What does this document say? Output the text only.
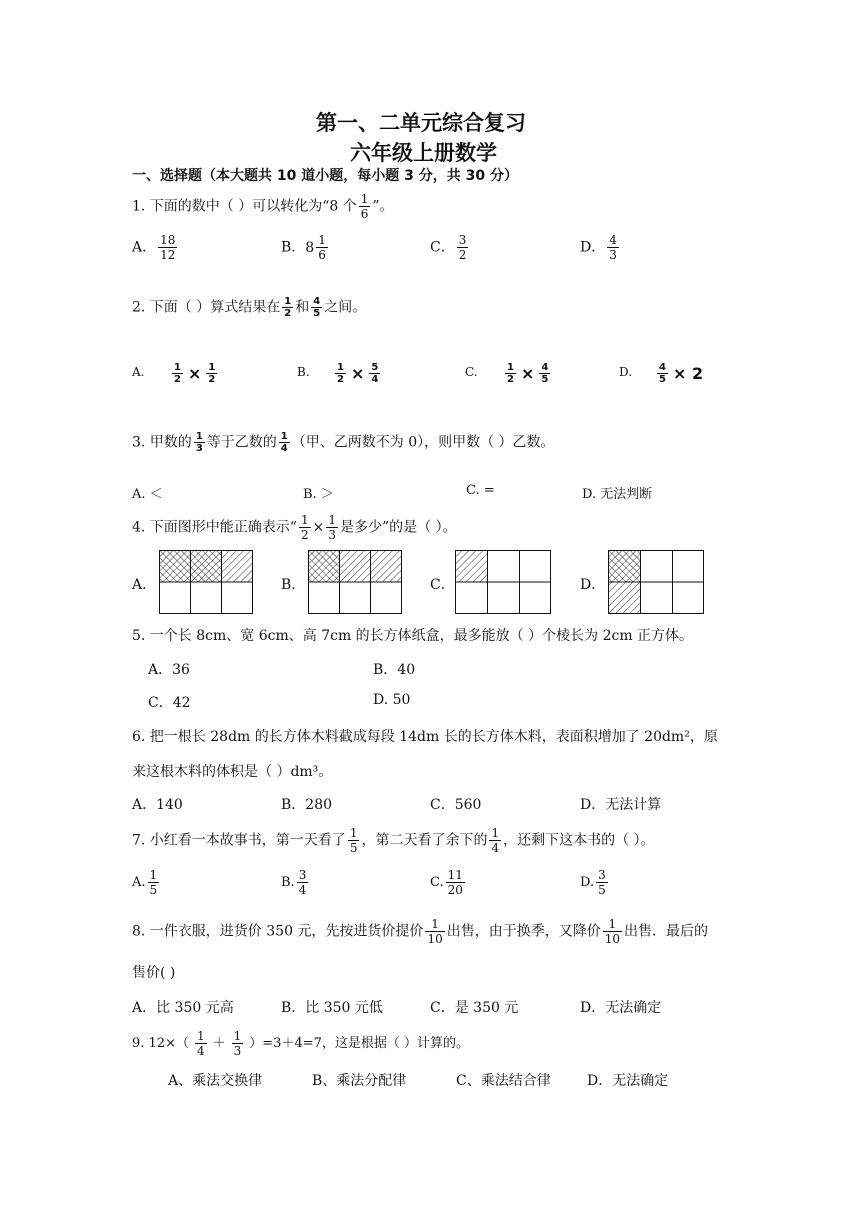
第一、二单元综合复习
六年级上册数学
一、选择题（本大题共 10 道小题，每小题 3 分，共 30 分）
1. 下面的数中（ ）可以转化为“8 个 $\frac{1}{6}$ ”。
A． $\frac{18}{12}$	B． $8 \frac{1}{6}$	C． $\frac{3}{2}$	D． $\frac{4}{3}$
2. 下面（ ）算式结果在 $\frac{1}{2}$ 和 $\frac{4}{5}$ 之间。
A.	$\frac{1}{2} \times \frac{1}{2}$	B.	$\frac{1}{2} \times \frac{5}{4}$	C.	$\frac{1}{2} \times \frac{4}{5}$	D. $\frac{4}{5} \times 2$
3. 甲数的 $\frac{1}{3}$ 等于乙数的 $\frac{1}{4}$ （甲、乙两数不为 0），则甲数（ ）乙数。
A. ＜	B. ＞	C. =	D. 无法判断
4. 下面图形中能正确表示“ $\frac{1}{2} \times \frac{1}{3}$ 是多少”的是（ ）。
A．	B．	C．	D．
5. 一个长 8cm、宽 6cm、高 7cm 的长方体纸盒，最多能放（ ）个棱长为 2cm 正方体。
A．36	B．40
C．42	D. 50
6. 把一根长 28dm 的长方体木料截成每段 14dm 长的长方体木料，表面积增加了 20dm²，原
来这根木料的体积是（ ）dm³。
A．140	B．280	C．560	D．无法计算
7. 小红看一本故事书，第一天看了 $\frac{1}{5}$ ，第二天看了余下的 $\frac{1}{4}$ ，还剩下这本书的（ ）。
A. $\frac{1}{5}$	B. $\frac{3}{4}$	C. $\frac{11}{20}$	D. $\frac{3}{5}$
8. 一件衣服，进货价 350 元，先按进货价提价 $\frac{1}{10}$ 出售，由于换季，又降价 $\frac{1}{10}$ 出售．最后的
售价( )
A．比 350 元高	B．比 350 元低	C．是 350 元	D．无法确定
9. $12\times( \frac{1}{4} + \frac{1}{3} )=3+4=7$，这是根据（ ）计算的。
A、乘法交换律	B、乘法分配律	C、乘法结合律	D．无法确定
